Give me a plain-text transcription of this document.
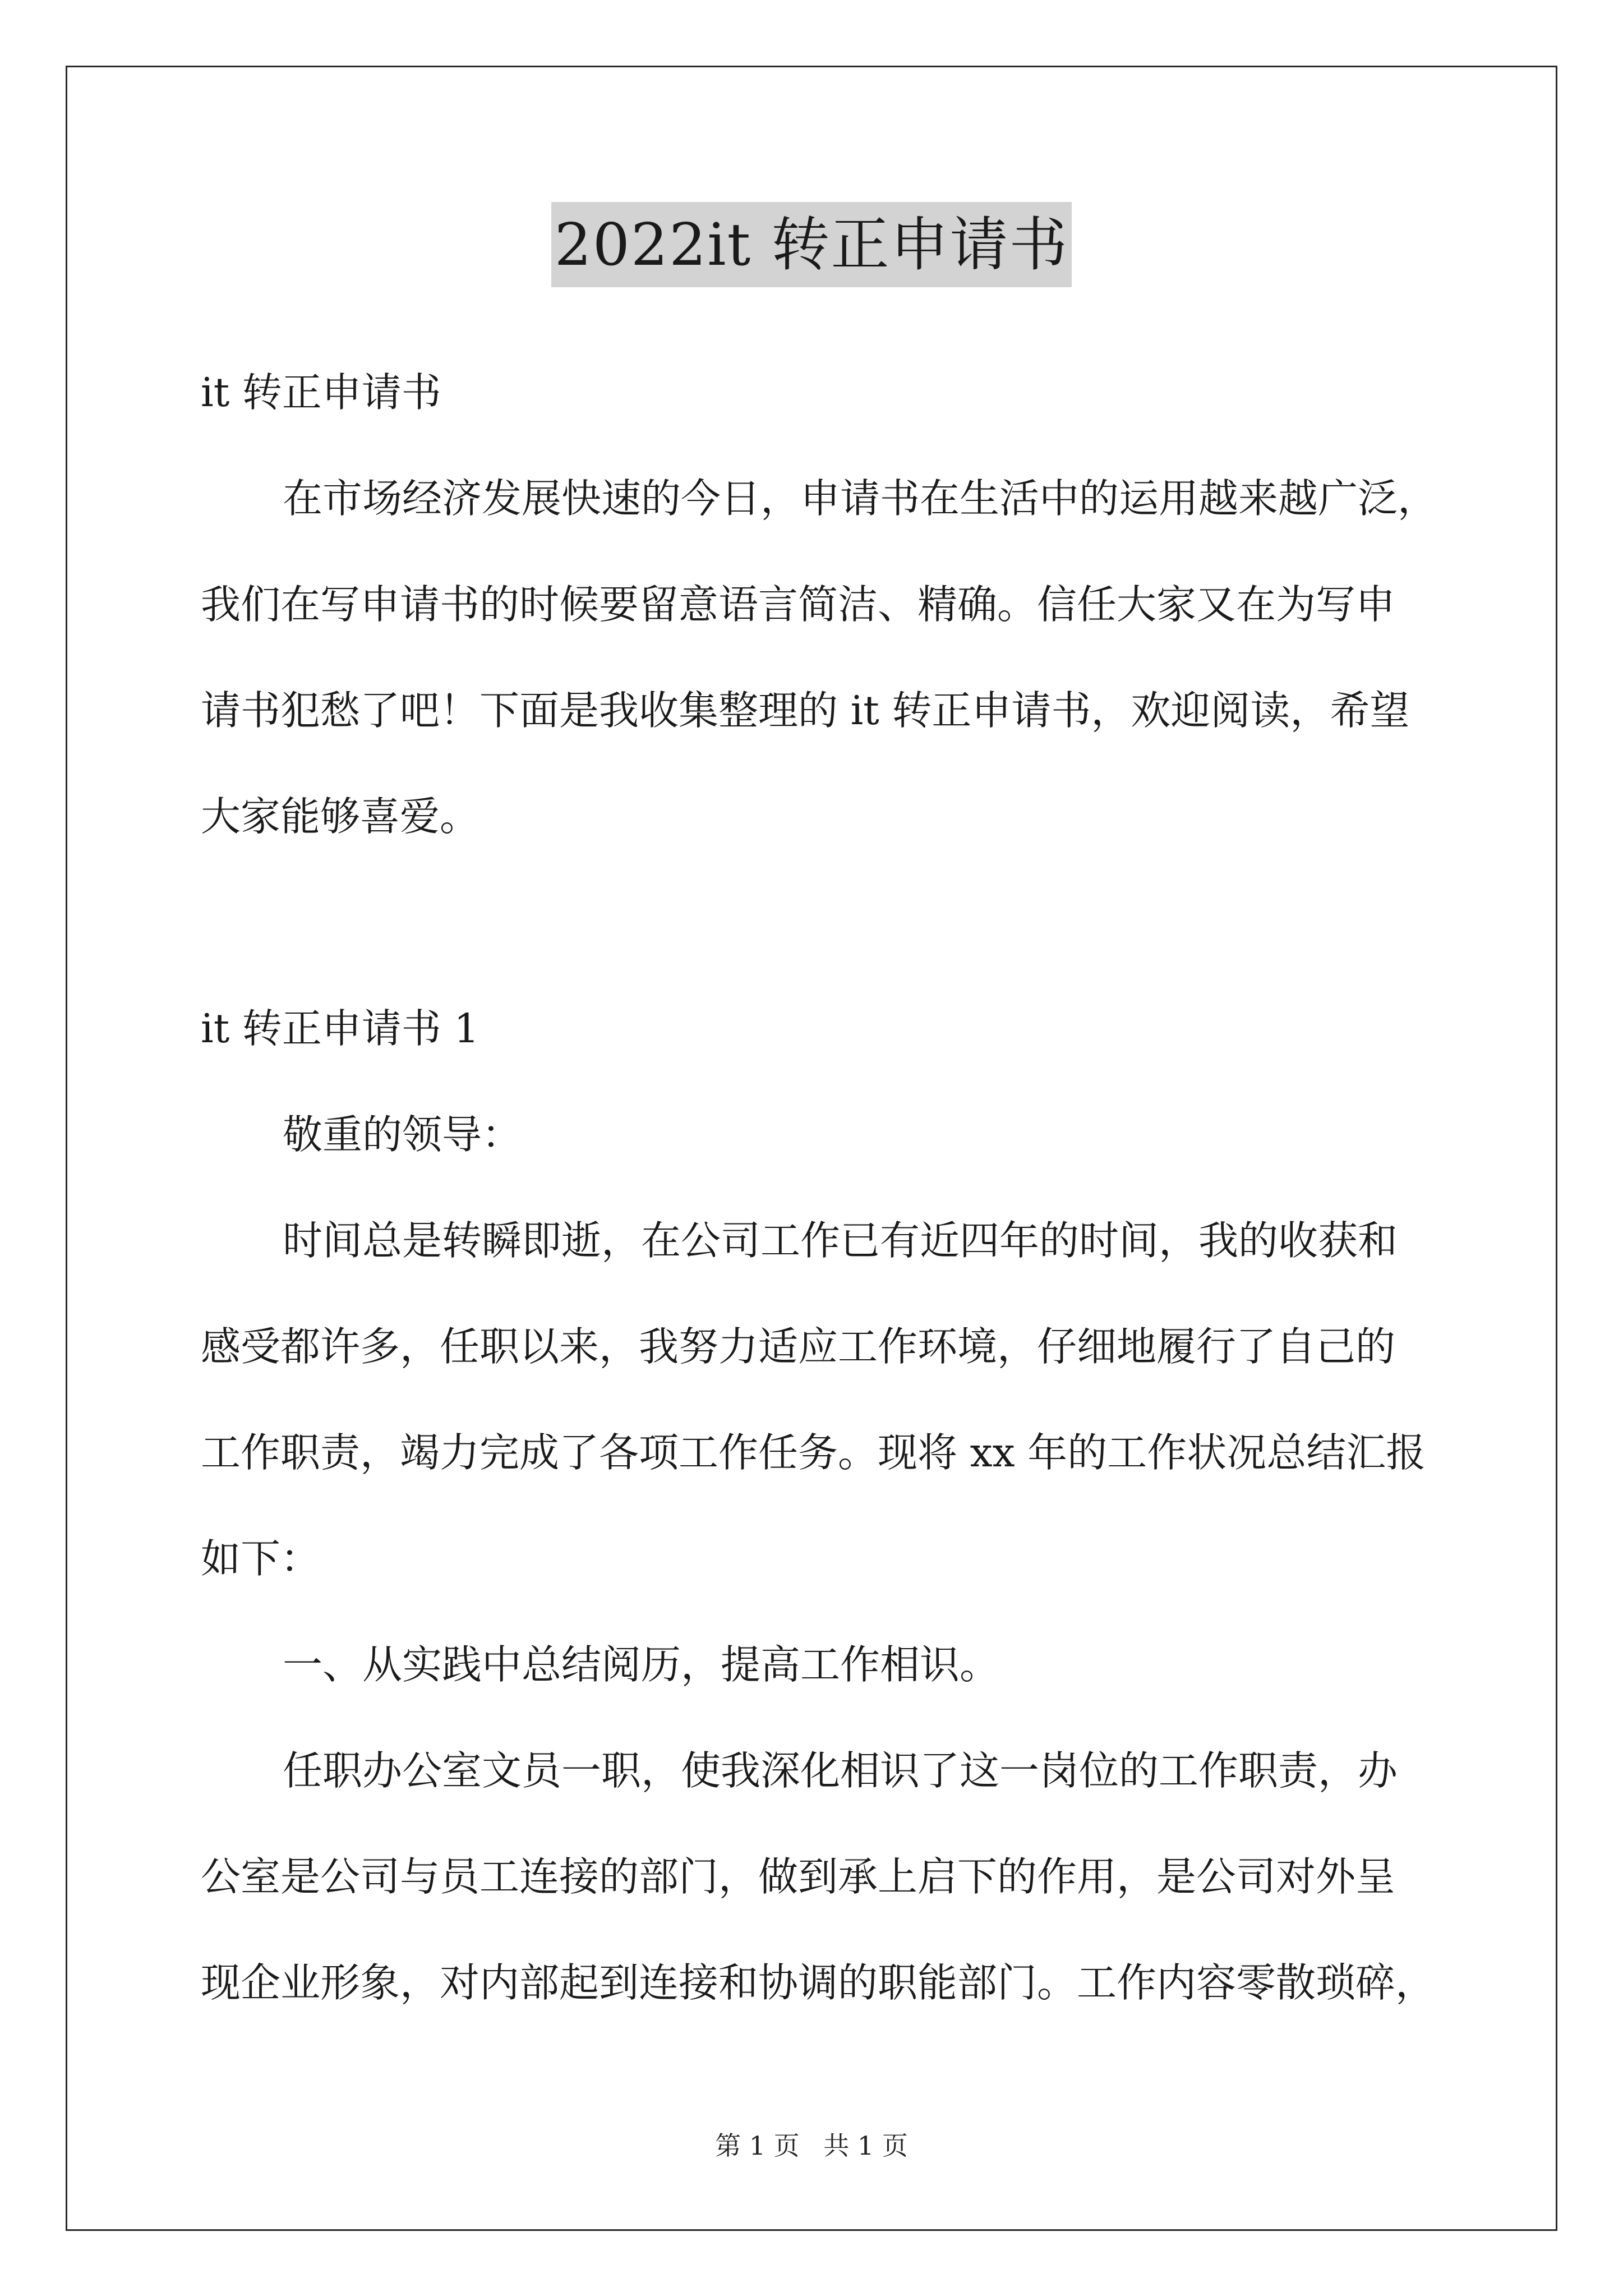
2022it 转正申请书

it 转正申请书

在市场经济发展快速的今日，申请书在生活中的运用越来越广泛，
我们在写申请书的时候要留意语言简洁、精确。信任大家又在为写申
请书犯愁了吧！下面是我收集整理的 it 转正申请书，欢迎阅读，希望
大家能够喜爱。

it 转正申请书 1

敬重的领导：

时间总是转瞬即逝，在公司工作已有近四年的时间，我的收获和
感受都许多，任职以来，我努力适应工作环境，仔细地履行了自己的
工作职责，竭力完成了各项工作任务。现将 xx 年的工作状况总结汇报
如下：

一、从实践中总结阅历，提高工作相识。

任职办公室文员一职，使我深化相识了这一岗位的工作职责，办
公室是公司与员工连接的部门，做到承上启下的作用，是公司对外呈
现企业形象，对内部起到连接和协调的职能部门。工作内容零散琐碎，

第 1 页 共 1 页
